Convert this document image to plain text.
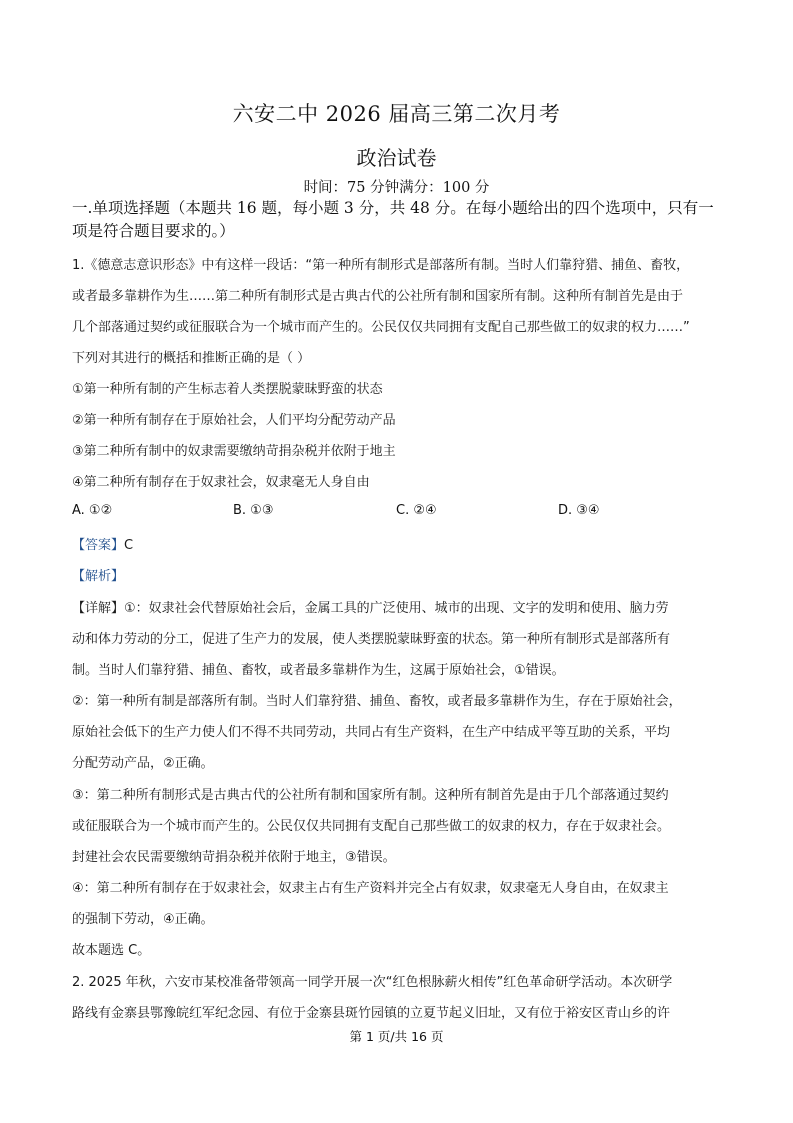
六安二中 2026 届高三第二次月考
政治试卷
时间：75 分钟满分：100 分
一.单项选择题（本题共 16 题，每小题 3 分，共 48 分。在每小题给出的四个选项中，只有一项是符合题目要求的。）
1.《德意志意识形态》中有这样一段话：“第一种所有制形式是部落所有制。当时人们靠狩猎、捕鱼、畜牧，
或者最多靠耕作为生……第二种所有制形式是古典古代的公社所有制和国家所有制。这种所有制首先是由于
几个部落通过契约或征服联合为一个城市而产生的。公民仅仅共同拥有支配自己那些做工的奴隶的权力……”
下列对其进行的概括和推断正确的是（ ）
①第一种所有制的产生标志着人类摆脱蒙昧野蛮的状态
②第一种所有制存在于原始社会，人们平均分配劳动产品
③第二种所有制中的奴隶需要缴纳苛捐杂税并依附于地主
④第二种所有制存在于奴隶社会，奴隶毫无人身自由
A. ①②	B. ①③	C. ②④	D. ③④
【答案】C
【解析】
【详解】①：奴隶社会代替原始社会后，金属工具的广泛使用、城市的出现、文字的发明和使用、脑力劳
动和体力劳动的分工，促进了生产力的发展，使人类摆脱蒙昧野蛮的状态。第一种所有制形式是部落所有
制。当时人们靠狩猎、捕鱼、畜牧，或者最多靠耕作为生，这属于原始社会，①错误。
②：第一种所有制是部落所有制。当时人们靠狩猎、捕鱼、畜牧，或者最多靠耕作为生，存在于原始社会，
原始社会低下的生产力使人们不得不共同劳动，共同占有生产资料，在生产中结成平等互助的关系，平均
分配劳动产品，②正确。
③：第二种所有制形式是古典古代的公社所有制和国家所有制。这种所有制首先是由于几个部落通过契约
或征服联合为一个城市而产生的。公民仅仅共同拥有支配自己那些做工的奴隶的权力，存在于奴隶社会。
封建社会农民需要缴纳苛捐杂税并依附于地主，③错误。
④：第二种所有制存在于奴隶社会，奴隶主占有生产资料并完全占有奴隶，奴隶毫无人身自由，在奴隶主
的强制下劳动，④正确。
故本题选 C。
2. 2025 年秋，六安市某校准备带领高一同学开展一次“红色根脉薪火相传”红色革命研学活动。本次研学
路线有金寨县鄂豫皖红军纪念园、有位于金寨县斑竹园镇的立夏节起义旧址，又有位于裕安区青山乡的许
第 1 页/共 16 页
